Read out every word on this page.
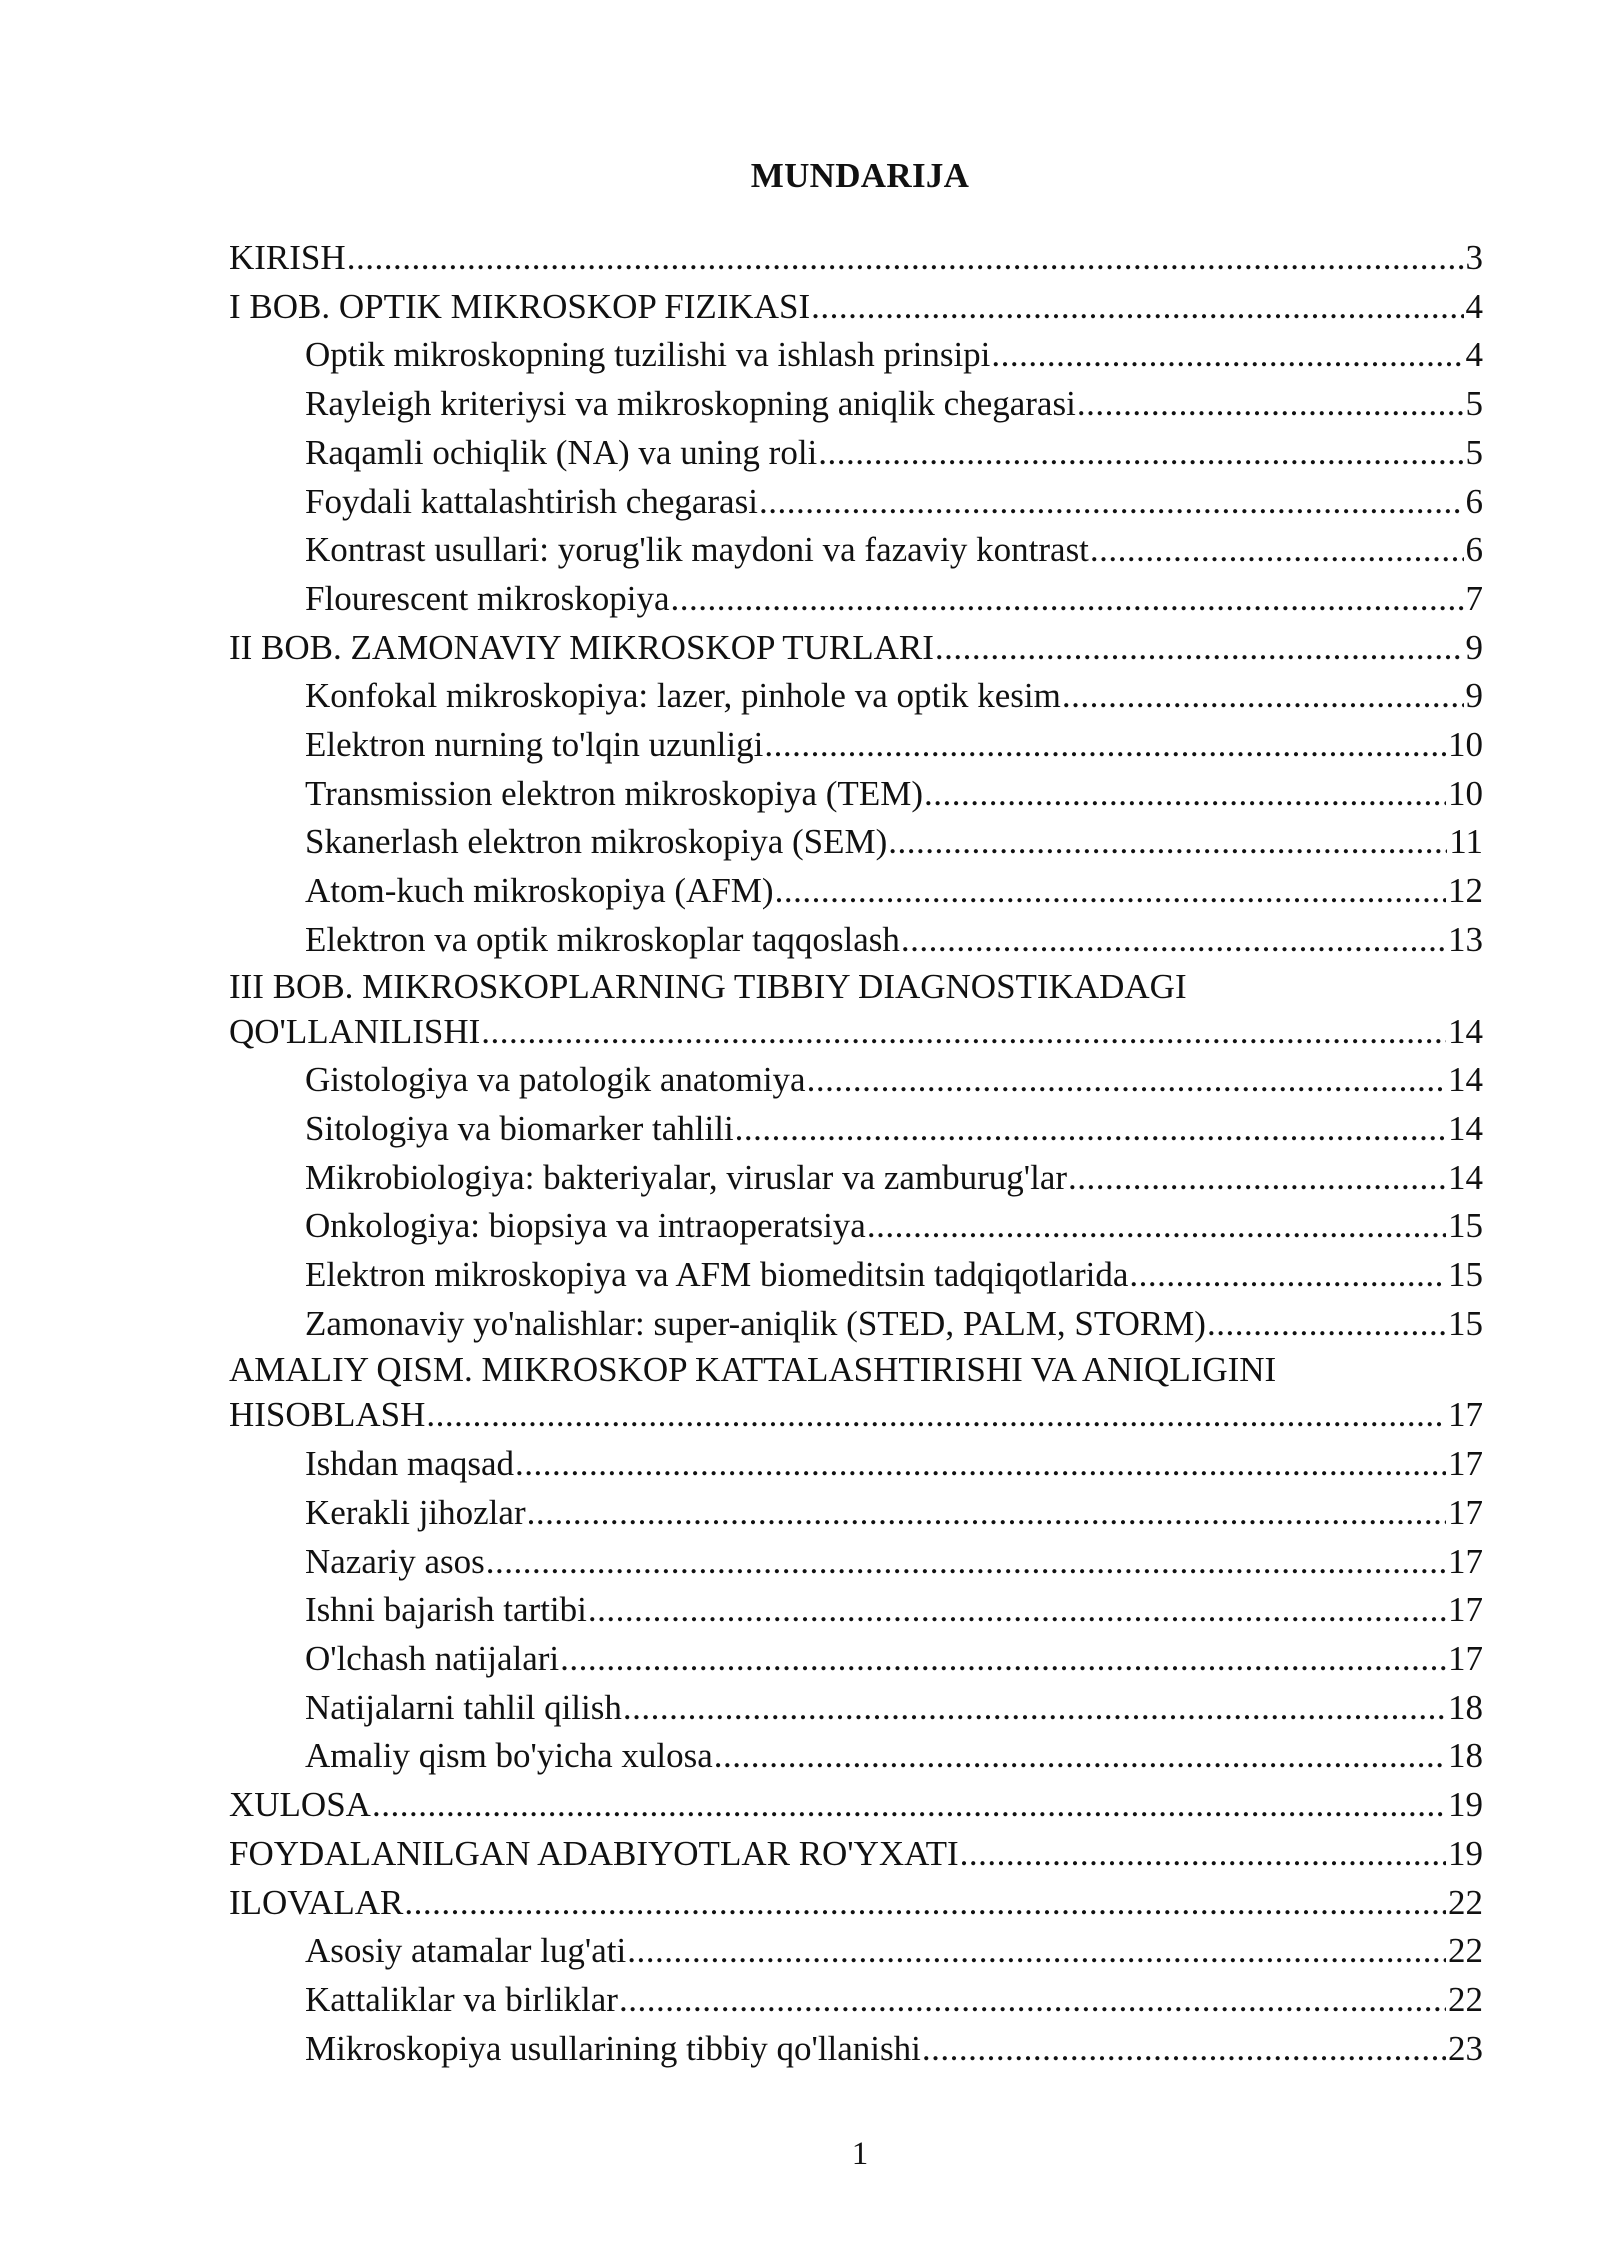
MUNDARIJA
KIRISH .....	3
I BOB. OPTIK MIKROSKOP FIZIKASI .....	4
Optik mikroskopning tuzilishi va ishlash prinsipi .....	4
Rayleigh kriteriysi va mikroskopning aniqlik chegarasi .....	5
Raqamli ochiqlik (NA) va uning roli .....	5
Foydali kattalashtirish chegarasi .....	6
Kontrast usullari: yorug'lik maydoni va fazaviy kontrast .....	6
Flourescent mikroskopiya .....	7
II BOB. ZAMONAVIY MIKROSKOP TURLARI .....	9
Konfokal mikroskopiya: lazer, pinhole va optik kesim .....	9
Elektron nurning to'lqin uzunligi .....	10
Transmission elektron mikroskopiya (TEM) .....	10
Skanerlash elektron mikroskopiya (SEM) .....	11
Atom-kuch mikroskopiya (AFM) .....	12
Elektron va optik mikroskoplar taqqoslash .....	13
III BOB. MIKROSKOPLARNING TIBBIY DIAGNOSTIKADAGI
QO'LLANILISHI .....	14
Gistologiya va patologik anatomiya .....	14
Sitologiya va biomarker tahlili .....	14
Mikrobiologiya: bakteriyalar, viruslar va zamburug'lar .....	14
Onkologiya: biopsiya va intraoperatsiya .....	15
Elektron mikroskopiya va AFM biomeditsin tadqiqotlarida .....	15
Zamonaviy yo'nalishlar: super-aniqlik (STED, PALM, STORM) .....	15
AMALIY QISM. MIKROSKOP KATTALASHTIRISHI VA ANIQLIGINI
HISOBLASH .....	17
Ishdan maqsad .....	17
Kerakli jihozlar .....	17
Nazariy asos .....	17
Ishni bajarish tartibi .....	17
O'lchash natijalari .....	17
Natijalarni tahlil qilish .....	18
Amaliy qism bo'yicha xulosa .....	18
XULOSA .....	19
FOYDALANILGAN ADABIYOTLAR RO'YXATI .....	19
ILOVALAR .....	22
Asosiy atamalar lug'ati .....	22
Kattaliklar va birliklar .....	22
Mikroskopiya usullarining tibbiy qo'llanishi .....	23
1
